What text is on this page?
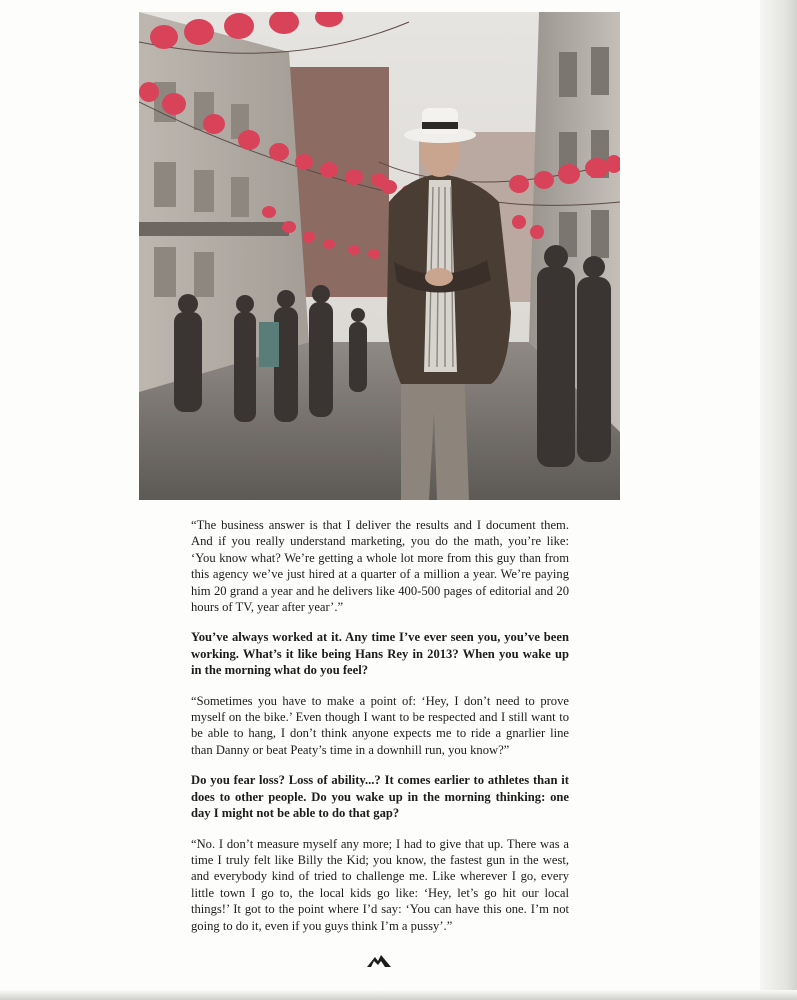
“The business answer is that I deliver the results and I document them. And if you really understand marketing, you do the math, you’re like: ‘You know what? We’re getting a whole lot more from this guy than from this agency we’ve just hired at a quarter of a million a year. We’re paying him 20 grand a year and he delivers like 400-500 pages of editorial and 20 hours of TV, year after year’.”

You’ve always worked at it. Any time I’ve ever seen you, you’ve been working. What’s it like being Hans Rey in 2013? When you wake up in the morning what do you feel?

“Sometimes you have to make a point of: ‘Hey, I don’t need to prove myself on the bike.’ Even though I want to be respected and I still want to be able to hang, I don’t think anyone expects me to ride a gnarlier line than Danny or beat Peaty’s time in a downhill run, you know?”

Do you fear loss? Loss of ability...? It comes earlier to athletes than it does to other people. Do you wake up in the morning thinking: one day I might not be able to do that gap?

“No. I don’t measure myself any more; I had to give that up. There was a time I truly felt like Billy the Kid; you know, the fastest gun in the west, and everybody kind of tried to challenge me. Like wherever I go, every little town I go to, the local kids go like: ‘Hey, let’s go hit our local things!’ It got to the point where I’d say: ‘You can have this one. I’m not going to do it, even if you guys think I’m a pussy’.”
